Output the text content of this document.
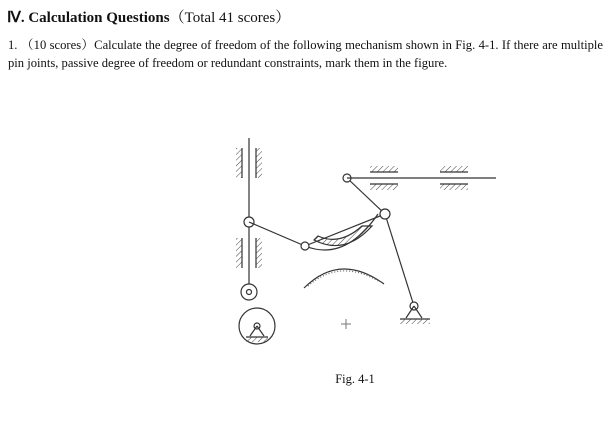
Ⅳ. Calculation Questions（Total 41 scores）
1. （10 scores）Calculate the degree of freedom of the following mechanism shown in Fig. 4-1. If there are multiple pin joints, passive degree of freedom or redundant constraints, mark them in the figure.
Fig. 4-1
